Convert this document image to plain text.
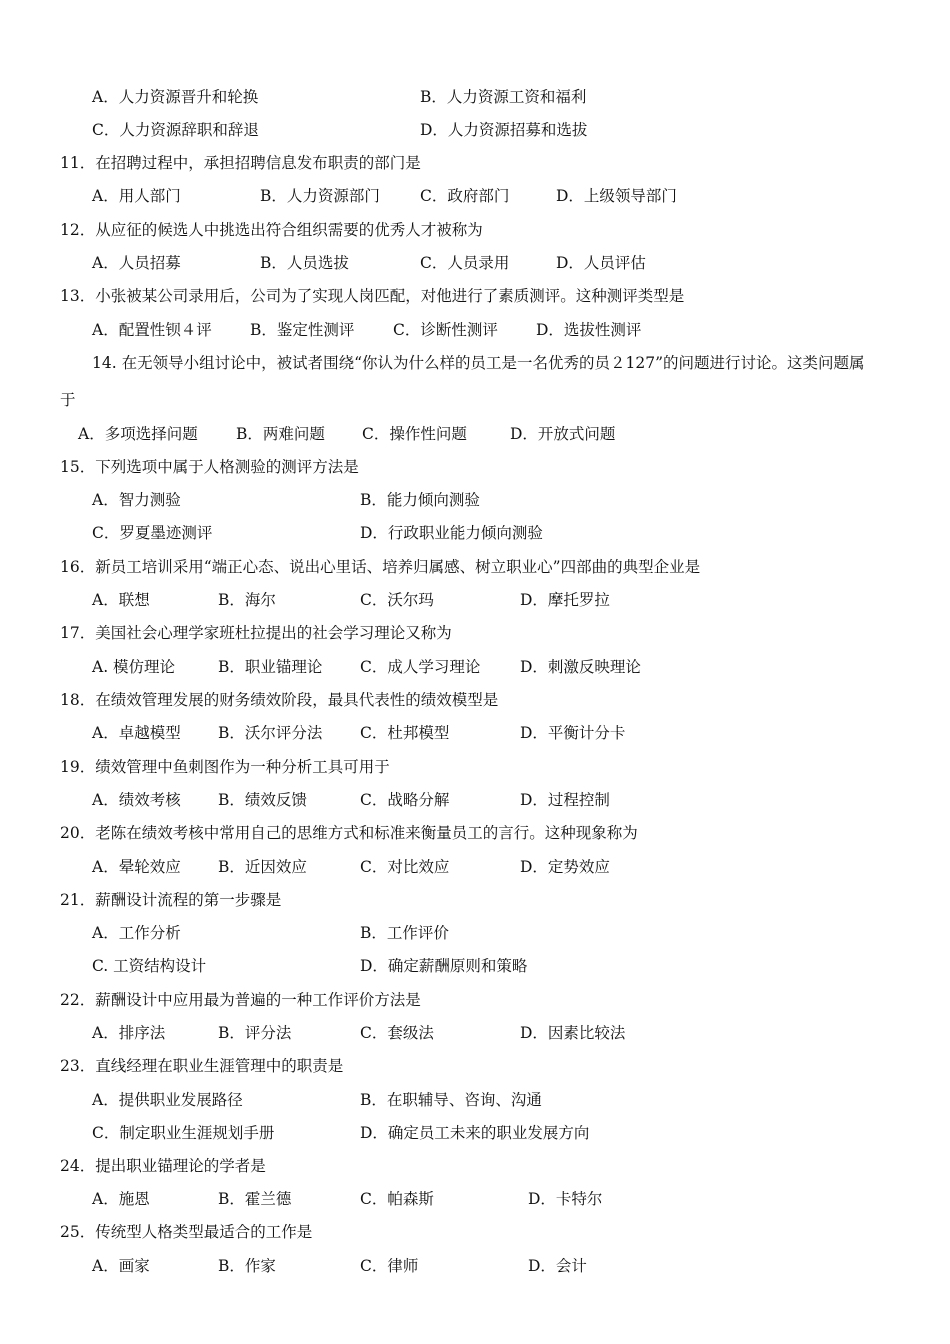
A．人力资源晋升和轮换	B．人力资源工资和福利
C．人力资源辞职和辞退	D．人力资源招募和选拔
11．在招聘过程中，承担招聘信息发布职责的部门是
A．用人部门	B．人力资源部门	C．政府部门	D．上级领导部门
12．从应征的候选人中挑选出符合组织需要的优秀人才被称为
A．人员招募	B．人员选拔	C．人员录用	D．人员评估
13．小张被某公司录用后，公司为了实现人岗匹配，对他进行了素质测评。这种测评类型是
A．配置性钡４评 B．鉴定性测评 C．诊断性测评 D．选拔性测评
14. 在无领导小组讨论中，被试者围绕“你认为什么样的员工是一名优秀的员２127”的问题进行讨论。这类问题属
于
A．多项选择问题 B．两难问题 C．操作性问题	D．开放式问题
15．下列选项中属于人格测验的测评方法是
A．智力测验	B．能力倾向测验
C．罗夏墨迹测评	D．行政职业能力倾向测验
16．新员工培训采用“端正心态、说出心里话、培养归属感、树立职业心”四部曲的典型企业是
A．联想	B．海尔	C．沃尔玛	D．摩托罗拉
17．美国社会心理学家班杜拉提出的社会学习理论又称为
A. 模仿理论	B．职业锚理论 C．成人学习理论	D．刺激反映理论
18．在绩效管理发展的财务绩效阶段，最具代表性的绩效模型是
A．卓越模型 B．沃尔评分法 C．杜邦模型	D．平衡计分卡
19．绩效管理中鱼刺图作为一种分析工具可用于
A．绩效考核 B．绩效反馈	C．战略分解	D．过程控制
20．老陈在绩效考核中常用自己的思维方式和标准来衡量员工的言行。这种现象称为
A．晕轮效应 B．近因效应	C．对比效应	D．定势效应
21．薪酬设计流程的第一步骤是
A．工作分析	B．工作评价
C. 工资结构设计	D．确定薪酬原则和策略
22．薪酬设计中应用最为普遍的一种工作评价方法是
A．排序法	B．评分法	C．套级法	D．因素比较法
23．直线经理在职业生涯管理中的职责是
A．提供职业发展路径	B．在职辅导、咨询、沟通
C．制定职业生涯规划手册	D．确定员工未来的职业发展方向
24．提出职业锚理论的学者是
A．施恩	B．霍兰德	C．帕森斯	D．卡特尔
25．传统型人格类型最适合的工作是
A．画家	B．作家	C．律师	D．会计
